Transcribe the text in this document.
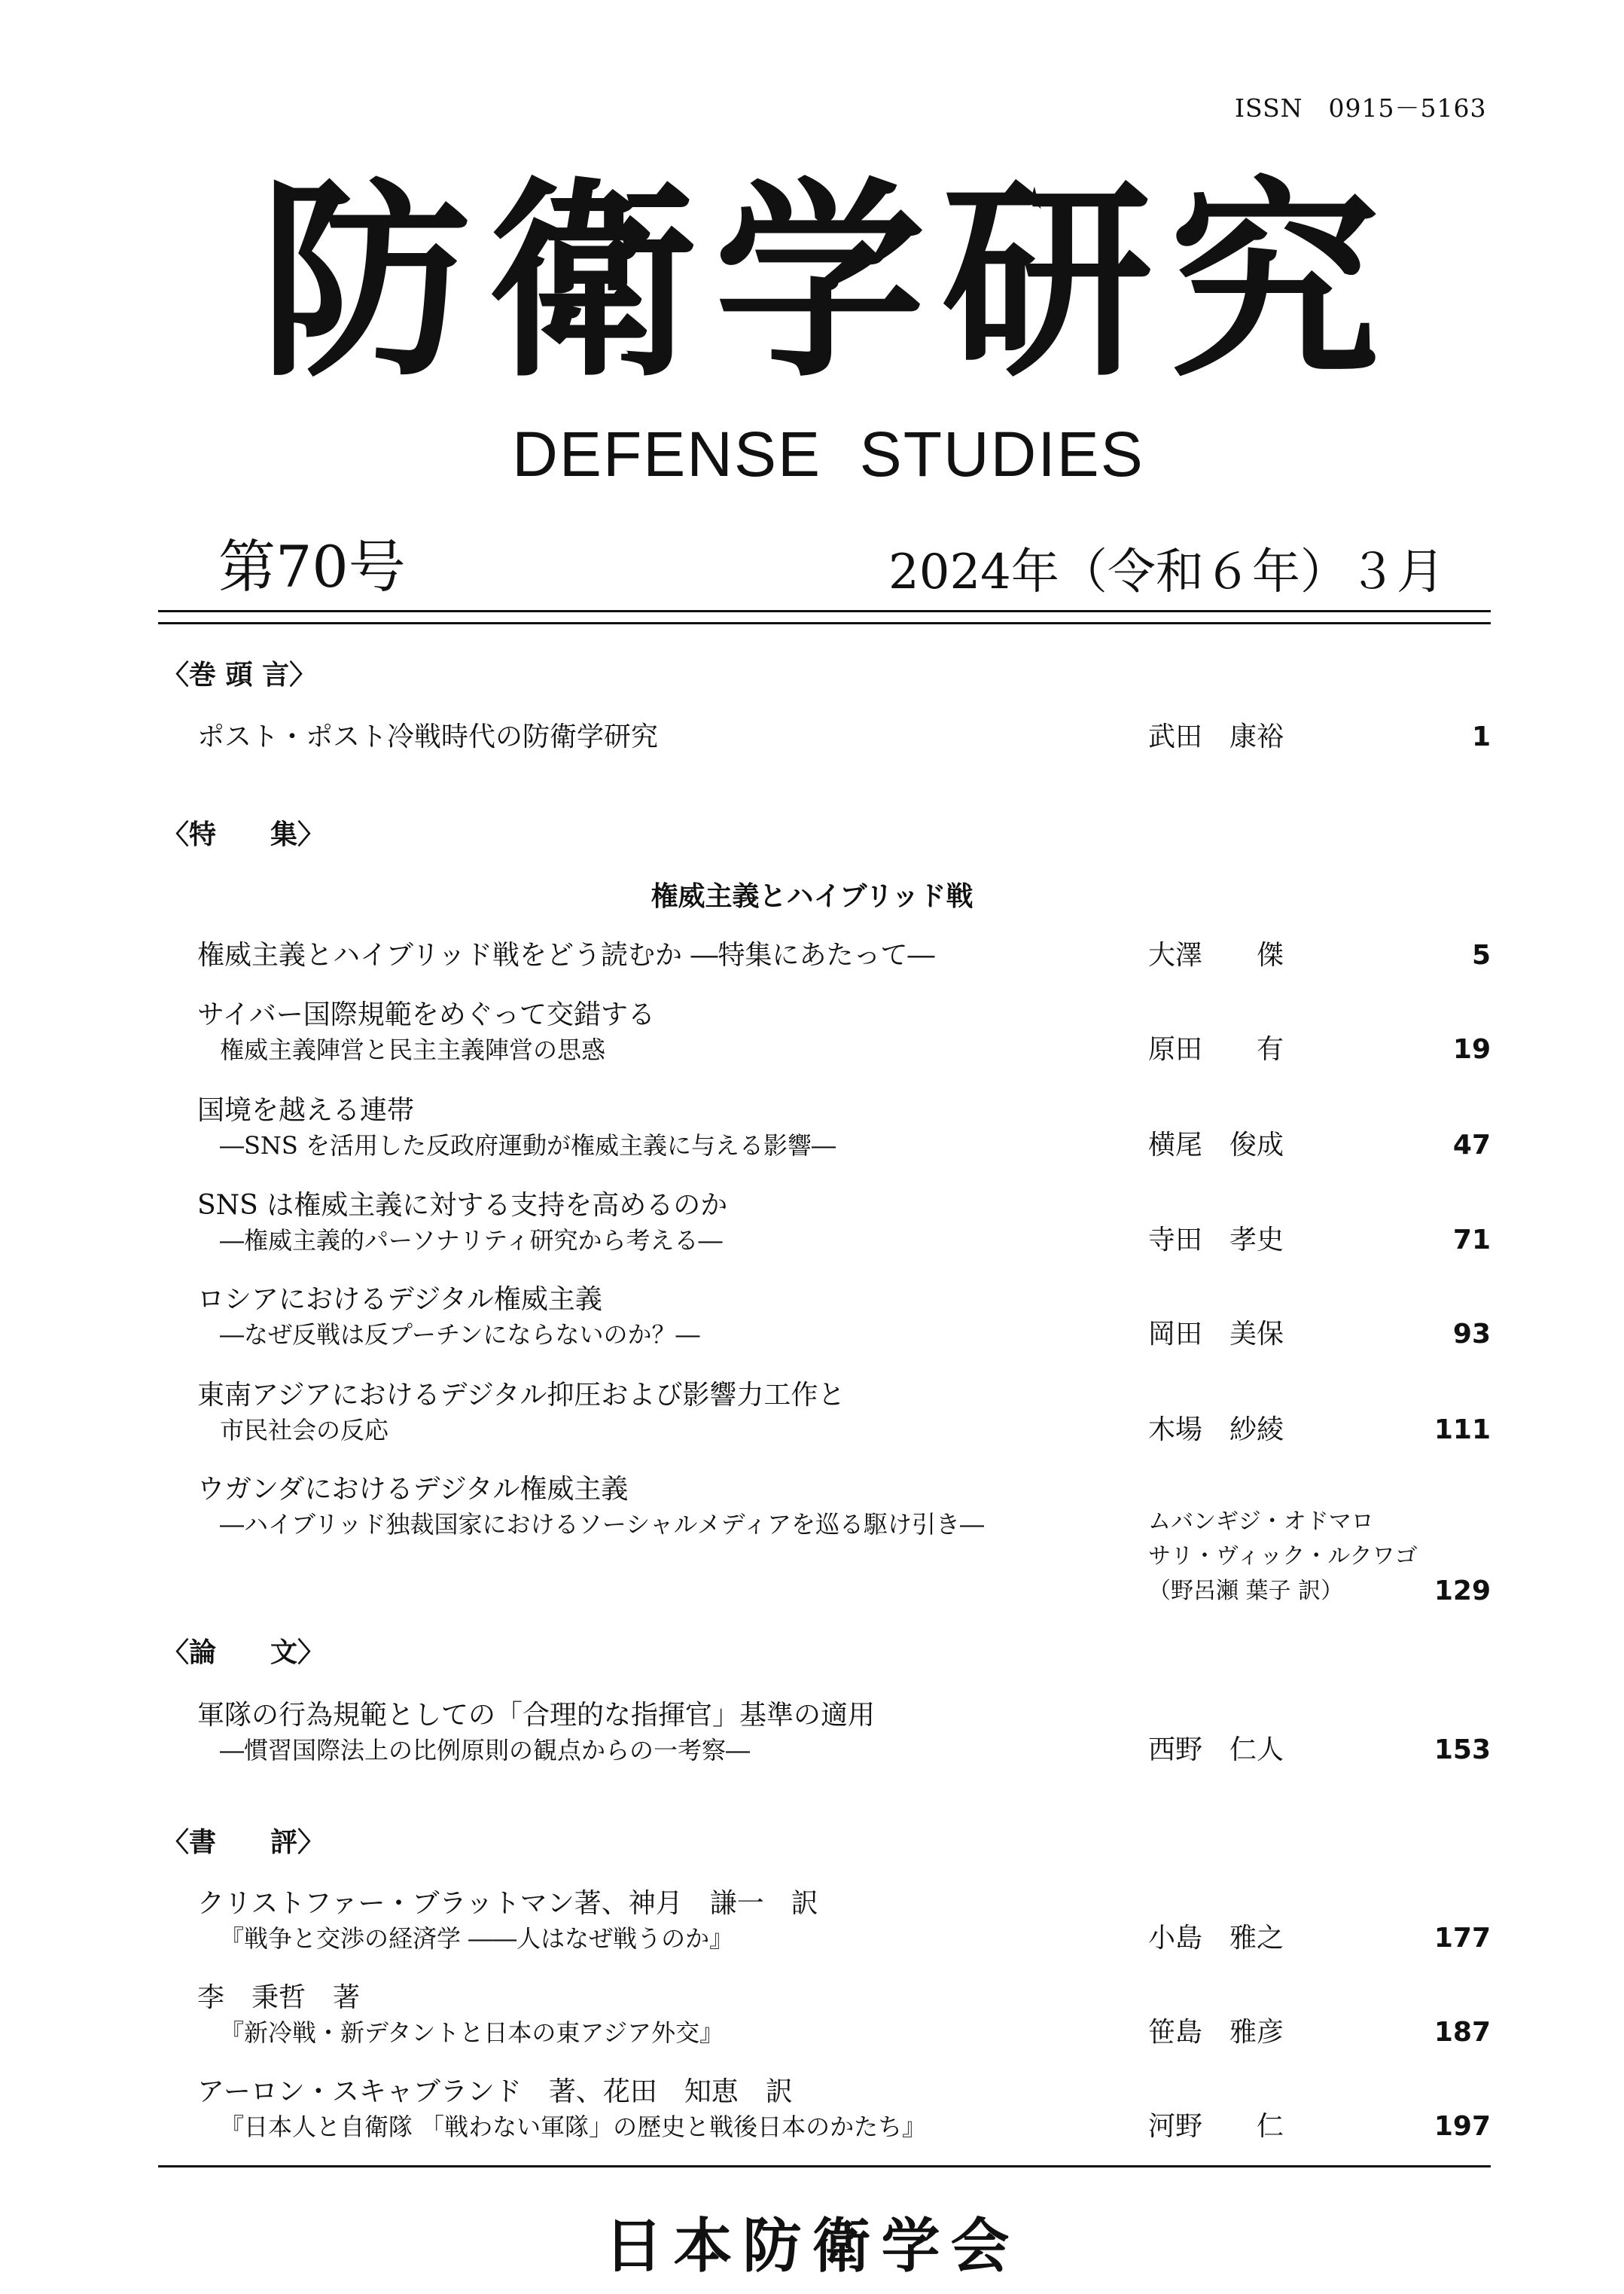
ISSN　0915－5163
防衛学研究
DEFENSE  STUDIES
第70号	2024年（令和６年）３月
〈巻 頭 言〉
ポスト・ポスト冷戦時代の防衛学研究	武田　康裕	1
〈特　　集〉
権威主義とハイブリッド戦
権威主義とハイブリッド戦をどう読むか ―特集にあたって―	大澤　　傑	5
サイバー国際規範をめぐって交錯する
権威主義陣営と民主主義陣営の思惑	原田　　有	19
国境を越える連帯
―SNS を活用した反政府運動が権威主義に与える影響―	横尾　俊成	47
SNS は権威主義に対する支持を高めるのか
―権威主義的パーソナリティ研究から考える―	寺田　孝史	71
ロシアにおけるデジタル権威主義
―なぜ反戦は反プーチンにならないのか？―	岡田　美保	93
東南アジアにおけるデジタル抑圧および影響力工作と
市民社会の反応	木場　紗綾	111
ウガンダにおけるデジタル権威主義
―ハイブリッド独裁国家におけるソーシャルメディアを巡る駆け引き―	ムバンギジ・オドマロ
サリ・ヴィック・ルクワゴ
（野呂瀬 葉子 訳）	129
〈論　　文〉
軍隊の行為規範としての「合理的な指揮官」基準の適用
―慣習国際法上の比例原則の観点からの一考察―	西野　仁人	153
〈書　　評〉
クリストファー・ブラットマン著、神月　謙一　訳
『戦争と交渉の経済学 ――人はなぜ戦うのか』	小島　雅之	177
李　秉哲　著
『新冷戦・新デタントと日本の東アジア外交』	笹島　雅彦	187
アーロン・スキャブランド　著、花田　知恵　訳
『日本人と自衛隊 「戦わない軍隊」の歴史と戦後日本のかたち』	河野　　仁	197
日本防衛学会
